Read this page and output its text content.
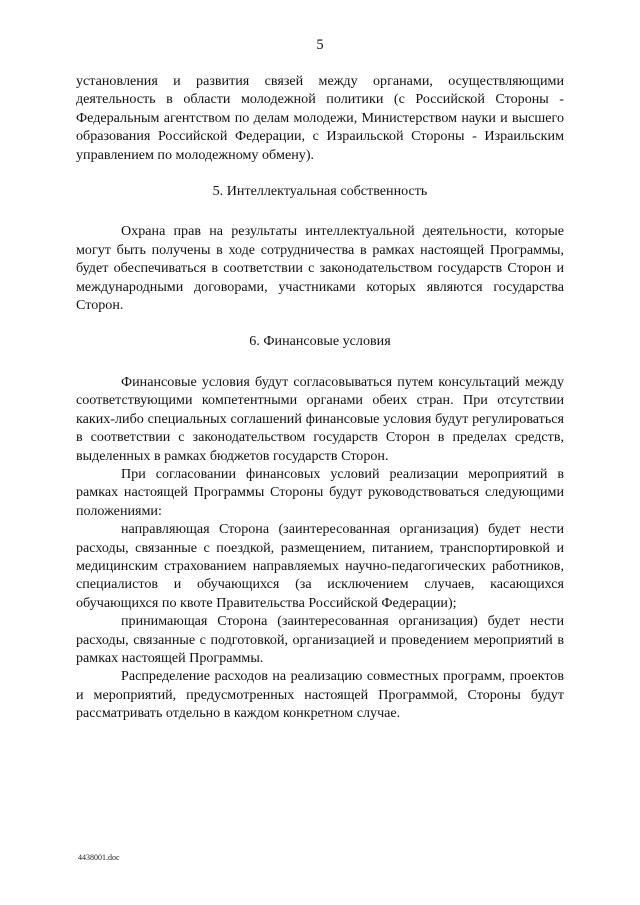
5

установления и развития связей между органами, осуществляющими деятельность в области молодежной политики (с Российской Стороны - Федеральным агентством по делам молодежи, Министерством науки и высшего образования Российской Федерации, с Израильской Стороны - Израильским управлением по молодежному обмену).

5. Интеллектуальная собственность

Охрана прав на результаты интеллектуальной деятельности, которые могут быть получены в ходе сотрудничества в рамках настоящей Программы, будет обеспечиваться в соответствии с законодательством государств Сторон и международными договорами, участниками которых являются государства Сторон.

6. Финансовые условия

Финансовые условия будут согласовываться путем консультаций между соответствующими компетентными органами обеих стран. При отсутствии каких-либо специальных соглашений финансовые условия будут регулироваться в соответствии с законодательством государств Сторон в пределах средств, выделенных в рамках бюджетов государств Сторон.

При согласовании финансовых условий реализации мероприятий в рамках настоящей Программы Стороны будут руководствоваться следующими положениями:

направляющая Сторона (заинтересованная организация) будет нести расходы, связанные с поездкой, размещением, питанием, транспортировкой и медицинским страхованием направляемых научно-педагогических работников, специалистов и обучающихся (за исключением случаев, касающихся обучающихся по квоте Правительства Российской Федерации);

принимающая Сторона (заинтересованная организация) будет нести расходы, связанные с подготовкой, организацией и проведением мероприятий в рамках настоящей Программы.

Распределение расходов на реализацию совместных программ, проектов и мероприятий, предусмотренных настоящей Программой, Стороны будут рассматривать отдельно в каждом конкретном случае.

4438001.doc
